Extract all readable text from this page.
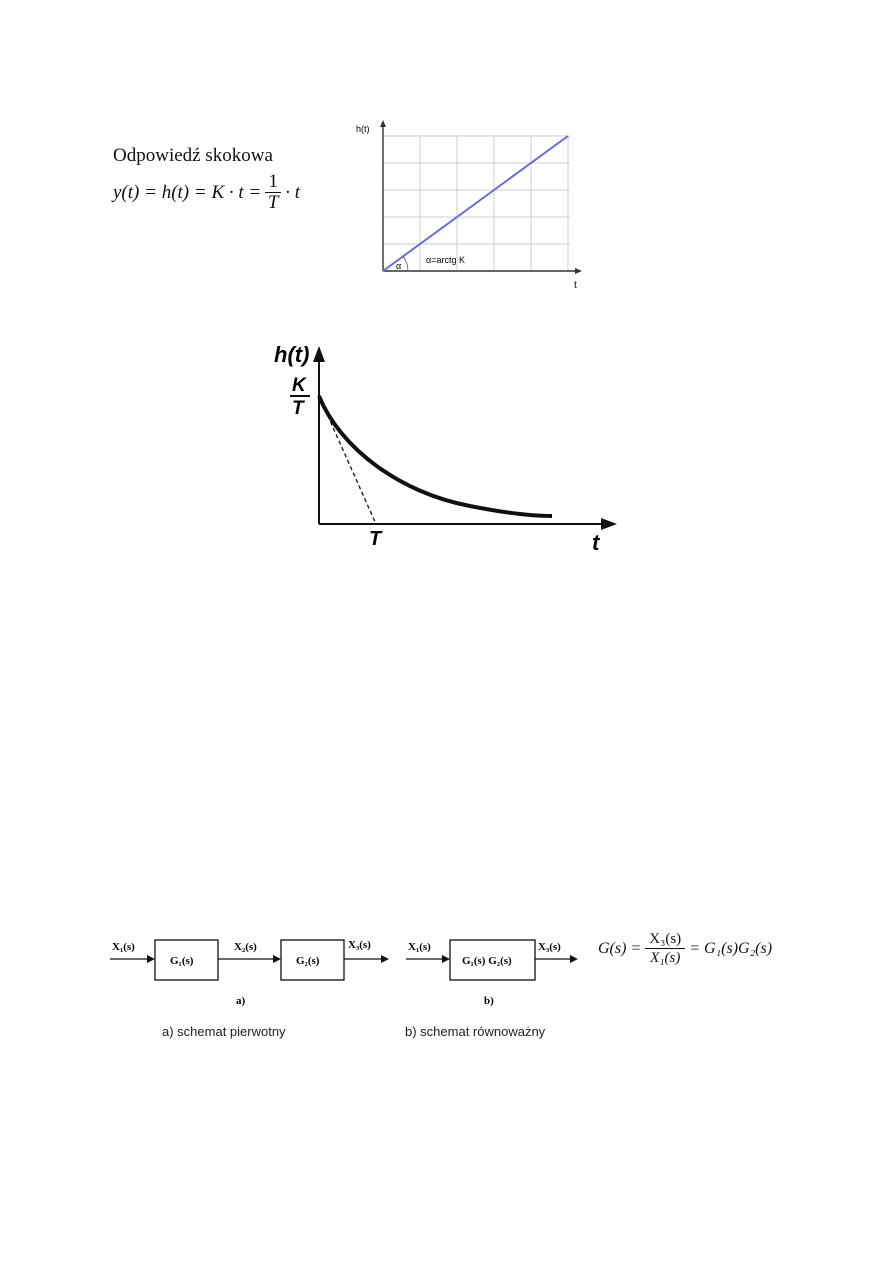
Odpowiedź skokowa
$y(t) = h(t) = K \cdot t = \frac{1}{T} \cdot t$
h(t)
t
α
α=arctg K
h(t)
K
T
T	t
X₁(s)
G₁(s)
X₂(s)
G₂(s)
X₃(s)
a)
X₁(s)
G₁(s) G₂(s)
X₃(s)
b)
$G(s) = \frac{\text{X₃(s)}}{\text{X₁(s)}} = G_1(s)G_2(s)$
a) schemat pierwotny	b) schemat równoważny
